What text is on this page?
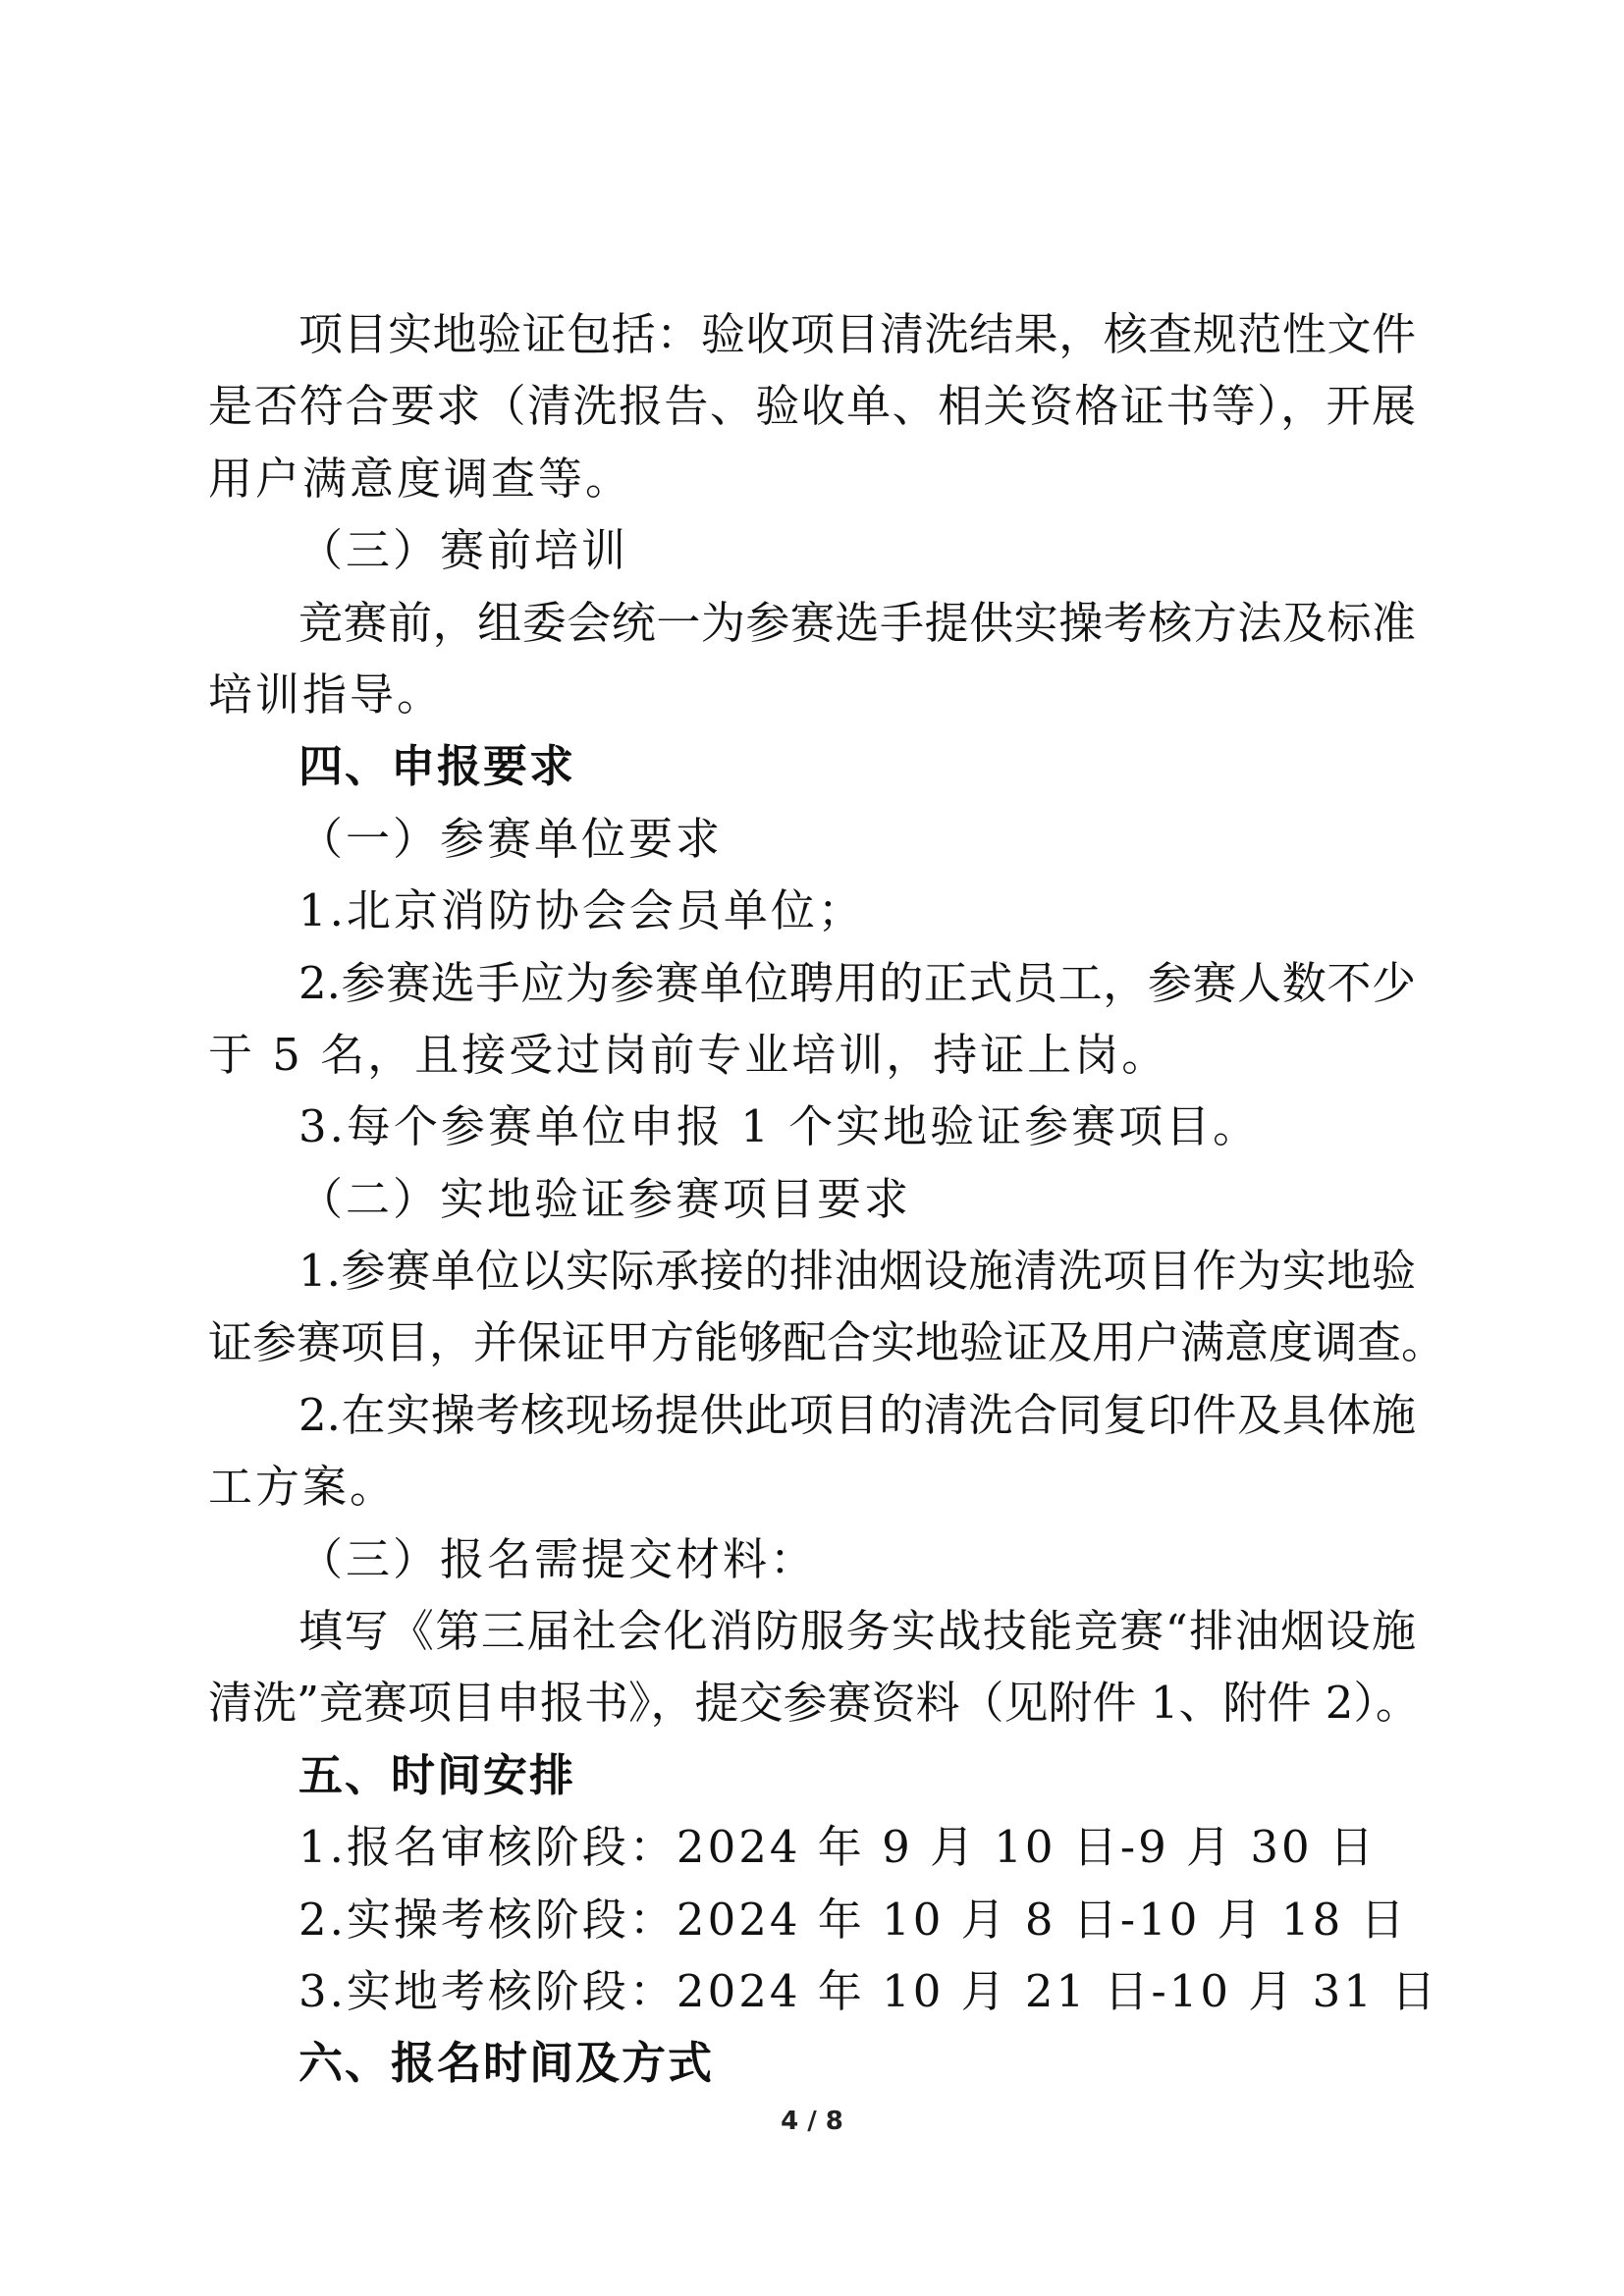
项目实地验证包括：验收项目清洗结果，核查规范性文件
是否符合要求（清洗报告、验收单、相关资格证书等），开展
用户满意度调查等。
（三）赛前培训
竞赛前，组委会统一为参赛选手提供实操考核方法及标准
培训指导。
四、申报要求
（一）参赛单位要求
1.北京消防协会会员单位；
2.参赛选手应为参赛单位聘用的正式员工，参赛人数不少
于 5 名，且接受过岗前专业培训，持证上岗。
3.每个参赛单位申报 1 个实地验证参赛项目。
（二）实地验证参赛项目要求
1.参赛单位以实际承接的排油烟设施清洗项目作为实地验
证参赛项目，并保证甲方能够配合实地验证及用户满意度调查。
2.在实操考核现场提供此项目的清洗合同复印件及具体施
工方案。
（三）报名需提交材料：
填写《第三届社会化消防服务实战技能竞赛“排油烟设施
清洗”竞赛项目申报书》，提交参赛资料（见附件 1、附件 2）。
五、时间安排
1.报名审核阶段：2024 年 9 月 10 日-9 月 30 日
2.实操考核阶段：2024 年 10 月 8 日-10 月 18 日
3.实地考核阶段：2024 年 10 月 21 日-10 月 31 日
六、报名时间及方式
4 / 8
